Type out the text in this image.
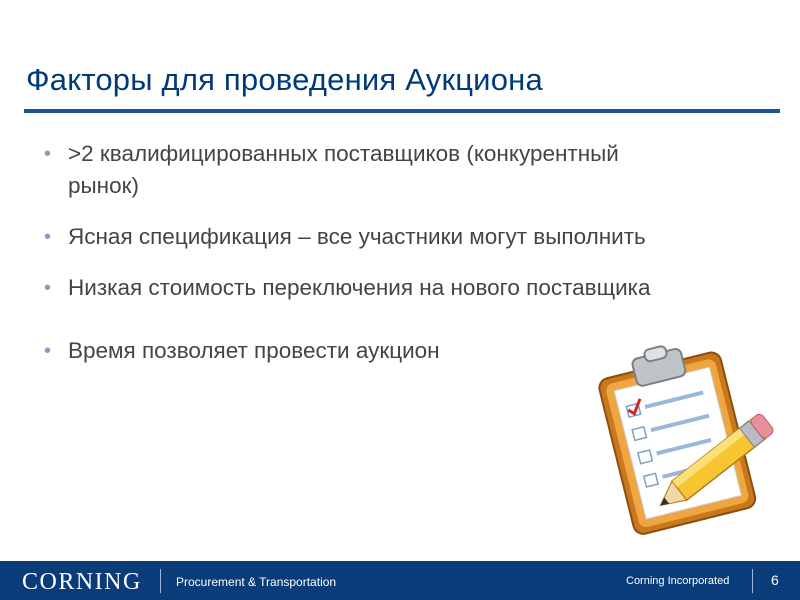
Факторы для проведения Аукциона
• >2 квалифицированных поставщиков (конкурентный рынок)
• Ясная спецификация – все участники могут выполнить
• Низкая стоимость переключения на нового поставщика
• Время позволяет провести аукцион
CORNING	Procurement & Transportation	Corning Incorporated	6
